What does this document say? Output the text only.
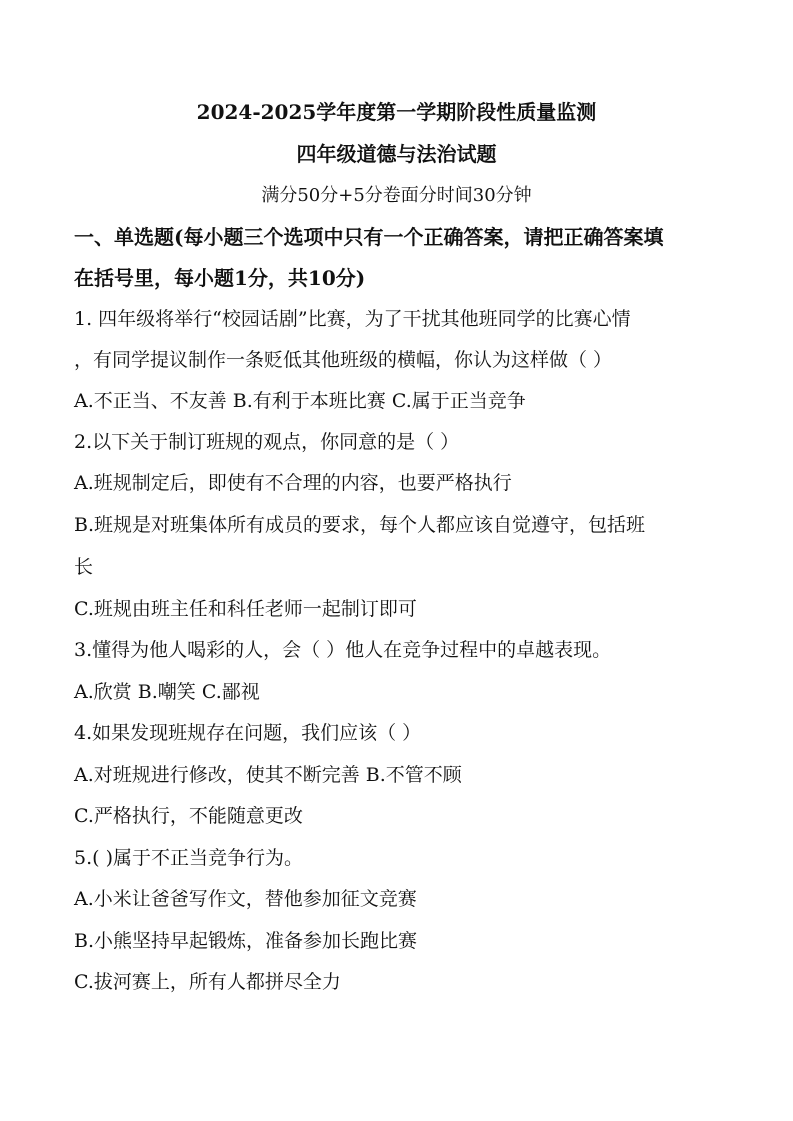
2024-2025学年度第一学期阶段性质量监测
四年级道德与法治试题
满分50分+5分卷面分时间30分钟
一、单选题(每小题三个选项中只有一个正确答案，请把正确答案填
在括号里，每小题1分，共10分)
1. 四年级将举行“校园话剧”比赛，为了干扰其他班同学的比赛心情
，有同学提议制作一条贬低其他班级的横幅，你认为这样做（ ）
A.不正当、不友善 B.有利于本班比赛 C.属于正当竞争
2.以下关于制订班规的观点，你同意的是（ ）
A.班规制定后，即使有不合理的内容，也要严格执行
B.班规是对班集体所有成员的要求，每个人都应该自觉遵守，包括班
长
C.班规由班主任和科任老师一起制订即可
3.懂得为他人喝彩的人，会（ ）他人在竞争过程中的卓越表现。
A.欣赏 B.嘲笑 C.鄙视
4.如果发现班规存在问题，我们应该（ ）
A.对班规进行修改，使其不断完善 B.不管不顾
C.严格执行，不能随意更改
5.( )属于不正当竞争行为。
A.小米让爸爸写作文，替他参加征文竞赛
B.小熊坚持早起锻炼，准备参加长跑比赛
C.拔河赛上，所有人都拼尽全力
